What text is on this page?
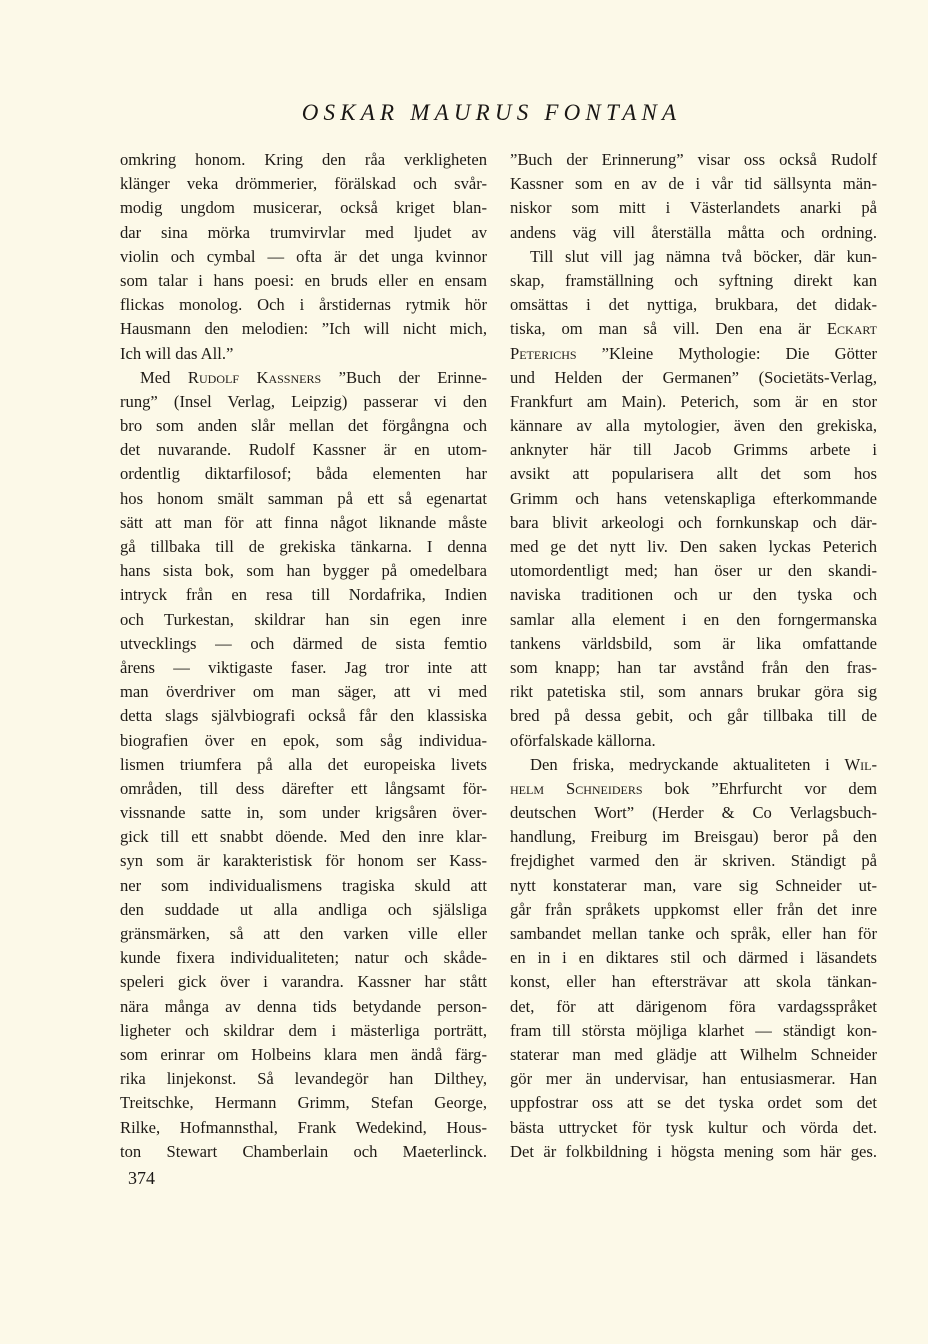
OSKAR MAURUS FONTANA
omkring honom. Kring den råa verkligheten
klänger veka drömmerier, förälskad och svår-
modig ungdom musicerar, också kriget blan-
dar sina mörka trumvirvlar med ljudet av
violin och cymbal — ofta är det unga kvinnor
som talar i hans poesi: en bruds eller en ensam
flickas monolog. Och i årstidernas rytmik hör
Hausmann den melodien: ”Ich will nicht mich,
Ich will das All.”
Med Rudolf Kassners ”Buch der Erinne-
rung” (Insel Verlag, Leipzig) passerar vi den
bro som anden slår mellan det förgångna och
det nuvarande. Rudolf Kassner är en utom-
ordentlig diktarfilosof; båda elementen har
hos honom smält samman på ett så egenartat
sätt att man för att finna något liknande måste
gå tillbaka till de grekiska tänkarna. I denna
hans sista bok, som han bygger på omedelbara
intryck från en resa till Nordafrika, Indien
och Turkestan, skildrar han sin egen inre
utvecklings — och därmed de sista femtio
årens — viktigaste faser. Jag tror inte att
man överdriver om man säger, att vi med
detta slags självbiografi också får den klassiska
biografien över en epok, som såg individua-
lismen triumfera på alla det europeiska livets
områden, till dess därefter ett långsamt för-
vissnande satte in, som under krigsåren över-
gick till ett snabbt döende. Med den inre klar-
syn som är karakteristisk för honom ser Kass-
ner som individualismens tragiska skuld att
den suddade ut alla andliga och själsliga
gränsmärken, så att den varken ville eller
kunde fixera individualiteten; natur och skåde-
speleri gick över i varandra. Kassner har stått
nära många av denna tids betydande person-
ligheter och skildrar dem i mästerliga porträtt,
som erinrar om Holbeins klara men ändå färg-
rika linjekonst. Så levandegör han Dilthey,
Treitschke, Hermann Grimm, Stefan George,
Rilke, Hofmannsthal, Frank Wedekind, Hous-
ton Stewart Chamberlain och Maeterlinck.
”Buch der Erinnerung” visar oss också Rudolf
Kassner som en av de i vår tid sällsynta män-
niskor som mitt i Västerlandets anarki på
andens väg vill återställa måtta och ordning.
Till slut vill jag nämna två böcker, där kun-
skap, framställning och syftning direkt kan
omsättas i det nyttiga, brukbara, det didak-
tiska, om man så vill. Den ena är Eckart
Peterichs ”Kleine Mythologie: Die Götter
und Helden der Germanen” (Societäts-Verlag,
Frankfurt am Main). Peterich, som är en stor
kännare av alla mytologier, även den grekiska,
anknyter här till Jacob Grimms arbete i
avsikt att popularisera allt det som hos
Grimm och hans vetenskapliga efterkommande
bara blivit arkeologi och fornkunskap och där-
med ge det nytt liv. Den saken lyckas Peterich
utomordentligt med; han öser ur den skandi-
naviska traditionen och ur den tyska och
samlar alla element i en den forngermanska
tankens världsbild, som är lika omfattande
som knapp; han tar avstånd från den fras-
rikt patetiska stil, som annars brukar göra sig
bred på dessa gebit, och går tillbaka till de
oförfalskade källorna.
Den friska, medryckande aktualiteten i Wil-
helm Schneiders bok ”Ehrfurcht vor dem
deutschen Wort” (Herder & Co Verlagsbuch-
handlung, Freiburg im Breisgau) beror på den
frejdighet varmed den är skriven. Ständigt på
nytt konstaterar man, vare sig Schneider ut-
går från språkets uppkomst eller från det inre
sambandet mellan tanke och språk, eller han för
en in i en diktares stil och därmed i läsandets
konst, eller han eftersträvar att skola tänkan-
det, för att därigenom föra vardagsspråket
fram till största möjliga klarhet — ständigt kon-
staterar man med glädje att Wilhelm Schneider
gör mer än undervisar, han entusiasmerar. Han
uppfostrar oss att se det tyska ordet som det
bästa uttrycket för tysk kultur och vörda det.
Det är folkbildning i högsta mening som här ges.
374
